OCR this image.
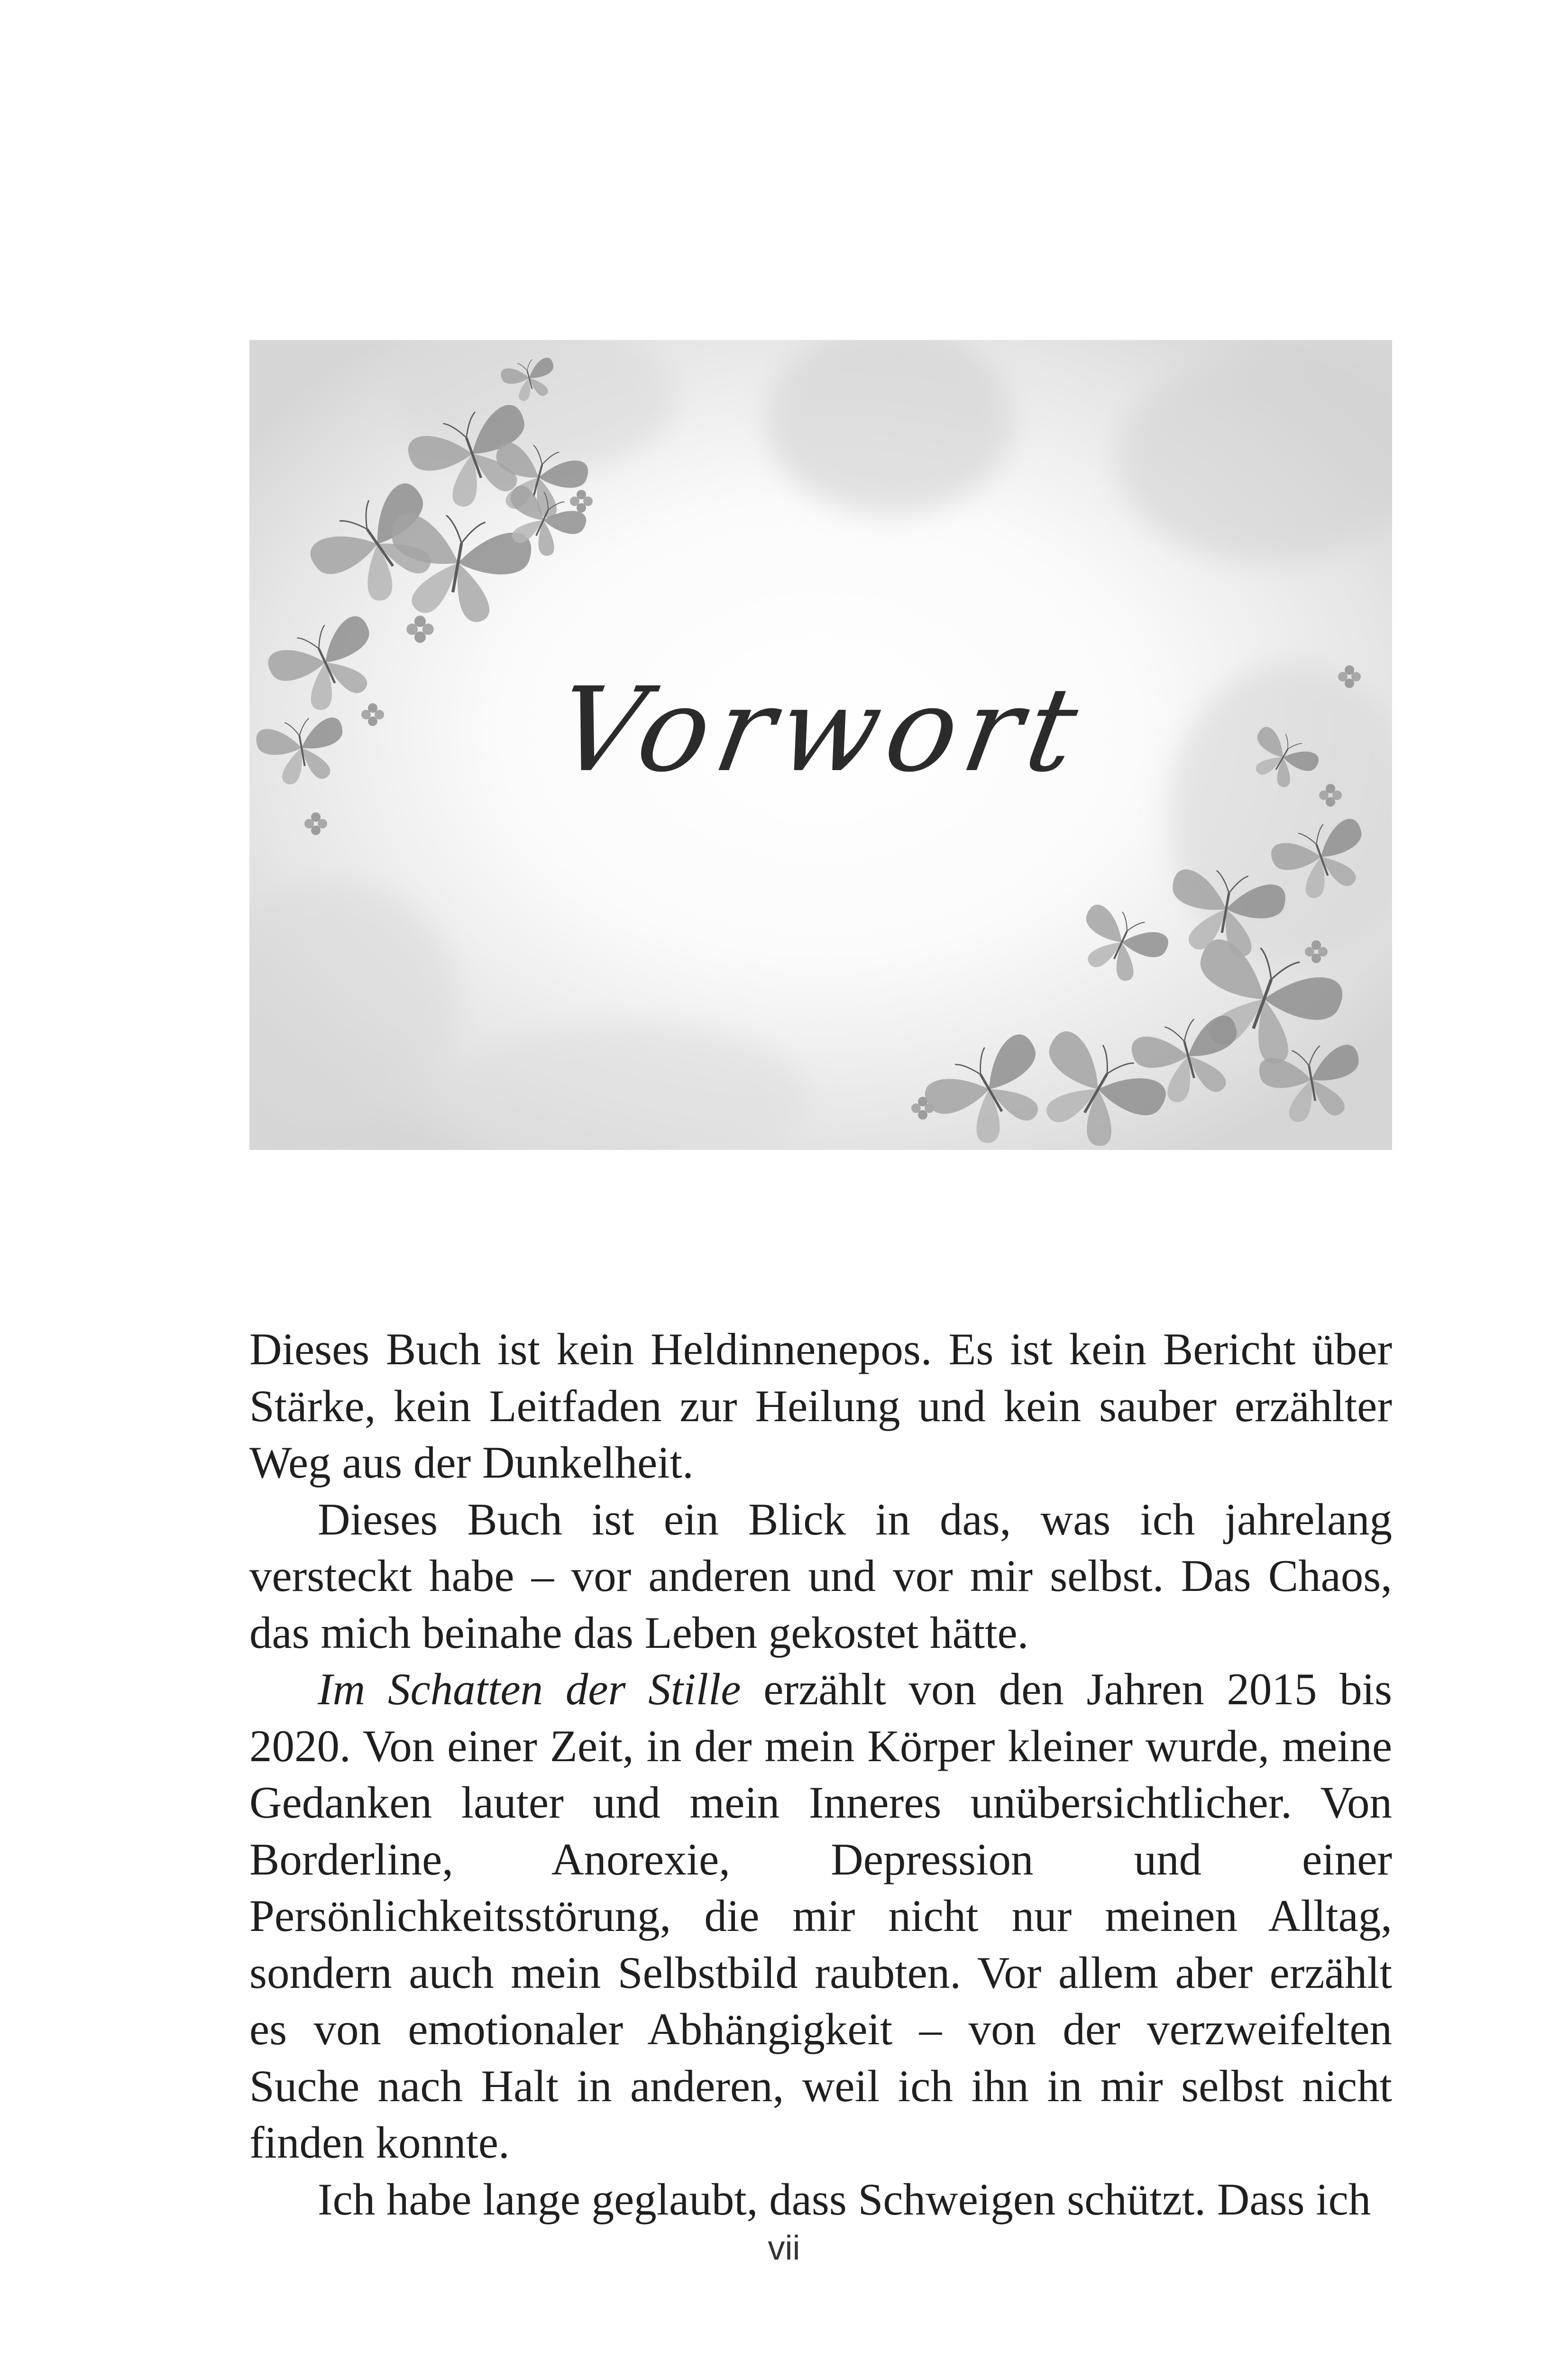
Vorwort

Dieses Buch ist kein Heldinnenepos. Es ist kein Bericht über Stärke, kein Leitfaden zur Heilung und kein sauber erzählter Weg aus der Dunkelheit.

Dieses Buch ist ein Blick in das, was ich jahrelang versteckt habe – vor anderen und vor mir selbst. Das Chaos, das mich beinahe das Leben gekostet hätte.

Im Schatten der Stille erzählt von den Jahren 2015 bis 2020. Von einer Zeit, in der mein Körper kleiner wurde, meine Gedanken lauter und mein Inneres unübersichtlicher. Von Borderline, Anorexie, Depression und einer Persönlichkeitsstörung, die mir nicht nur meinen Alltag, sondern auch mein Selbstbild raubten. Vor allem aber erzählt es von emotionaler Abhängigkeit – von der verzweifelten Suche nach Halt in anderen, weil ich ihn in mir selbst nicht finden konnte.

Ich habe lange geglaubt, dass Schweigen schützt. Dass ich

vii
